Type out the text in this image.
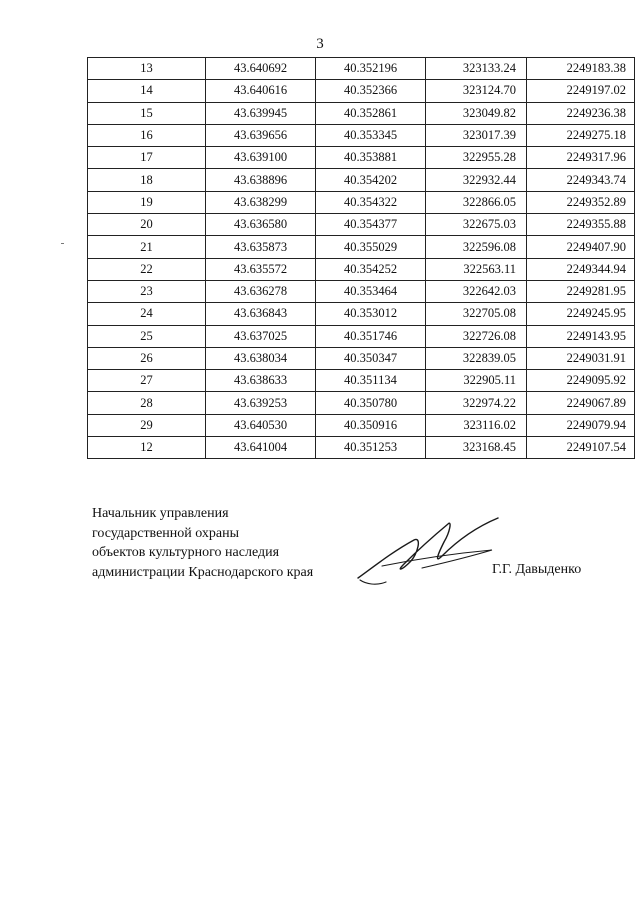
3
13	43.640692	40.352196	323133.24	2249183.38
14	43.640616	40.352366	323124.70	2249197.02
15	43.639945	40.352861	323049.82	2249236.38
16	43.639656	40.353345	323017.39	2249275.18
17	43.639100	40.353881	322955.28	2249317.96
18	43.638896	40.354202	322932.44	2249343.74
19	43.638299	40.354322	322866.05	2249352.89
20	43.636580	40.354377	322675.03	2249355.88
21	43.635873	40.355029	322596.08	2249407.90
22	43.635572	40.354252	322563.11	2249344.94
23	43.636278	40.353464	322642.03	2249281.95
24	43.636843	40.353012	322705.08	2249245.95
25	43.637025	40.351746	322726.08	2249143.95
26	43.638034	40.350347	322839.05	2249031.91
27	43.638633	40.351134	322905.11	2249095.92
28	43.639253	40.350780	322974.22	2249067.89
29	43.640530	40.350916	323116.02	2249079.94
12	43.641004	40.351253	323168.45	2249107.54
Начальник управления
государственной охраны
объектов культурного наследия
администрации Краснодарского края	Г.Г. Давыденко
